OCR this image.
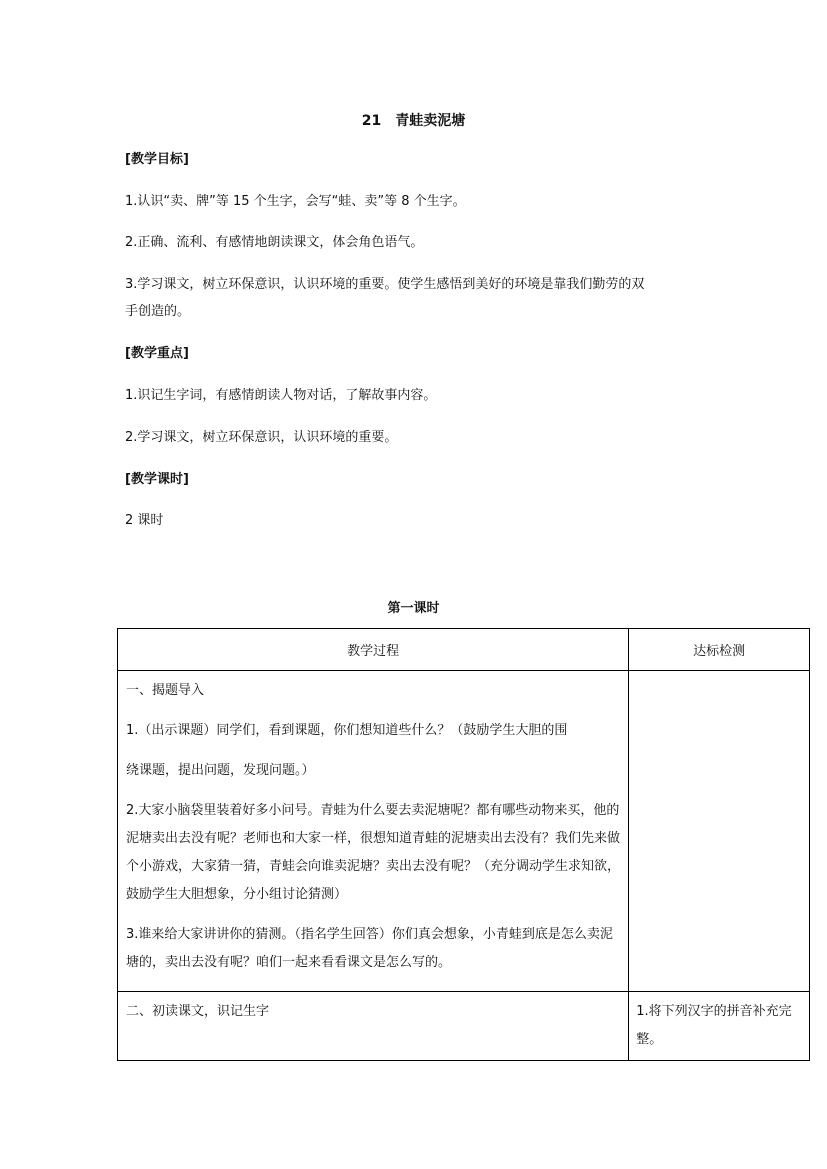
21 青蛙卖泥塘
[教学目标]
1.认识“卖、牌”等 15 个生字，会写“蛙、卖”等 8 个生字。
2.正确、流利、有感情地朗读课文，体会角色语气。
3.学习课文，树立环保意识，认识环境的重要。使学生感悟到美好的环境是靠我们勤劳的双
手创造的。
[教学重点]
1.识记生字词，有感情朗读人物对话，了解故事内容。
2.学习课文，树立环保意识，认识环境的重要。
[教学课时]
2 课时
第一课时
教学过程	达标检测

一、揭题导入

1.（出示课题）同学们，看到课题，你们想知道些什么？（鼓励学生大胆的围

绕课题，提出问题，发现问题。）

2.大家小脑袋里装着好多小问号。青蛙为什么要去卖泥塘呢？都有哪些动物来买，他的泥塘卖出去没有呢？老师也和大家一样，很想知道青蛙的泥塘卖出去没有？我们先来做个小游戏，大家猜一猜，青蛙会向谁卖泥塘？卖出去没有呢？（充分调动学生求知欲，鼓励学生大胆想象，分小组讨论猜测）

3.谁来给大家讲讲你的猜测。（指名学生回答）你们真会想象，小青蛙到底是怎么卖泥塘的，卖出去没有呢？咱们一起来看看课文是怎么写的。	

二、初读课文，识记生字	1.将下列汉字的拼音补充完整。
